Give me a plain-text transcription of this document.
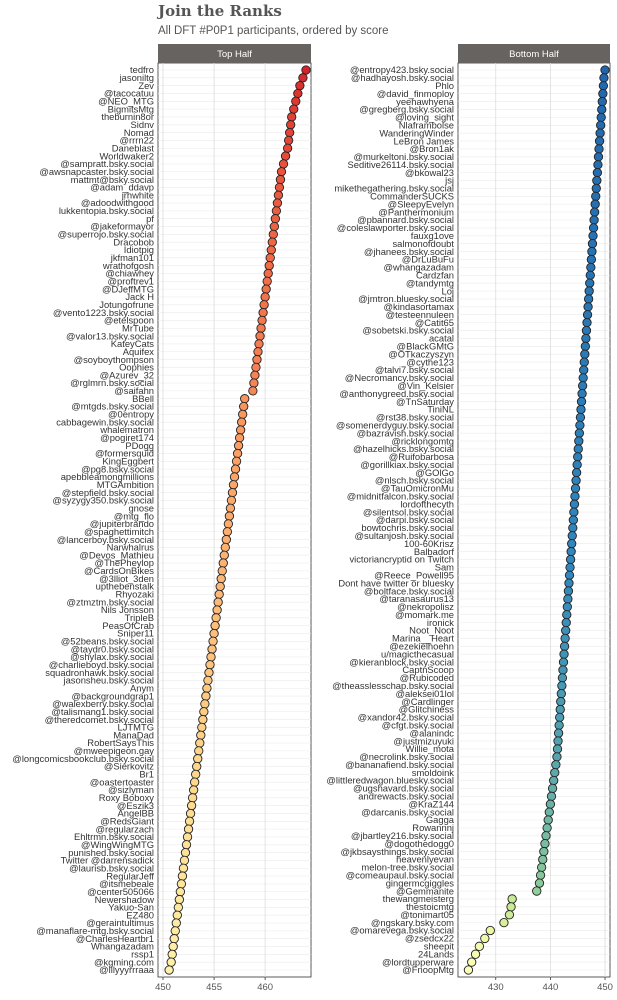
Join the Ranks
All DFT #P0P1 participants, ordered by score
450	455	460
Top Half
tedfro
jasoniltg
Zev
@tacocatuu
@NEO_MTG
BigmitsMtg
theburnin8or
Sidnv
Nomad
@rrrn22
Daneblast
Worldwaker2
@sampratt.bsky.social
@awsnapcaster.bsky.social
mattmt@bsky.social
@adam_ddavp
jrhwhite
@adoodwithgood
lukkentopia.bsky.social
pf
@jakeformayor
@superrojo.bsky.social
Dracobob
Idiotpig
jkfman101
wrathofgosh
@chiawhey
@proftrev1
@DJeffMTG
Jack H
Jotungofrune
@vento1223.bsky.social
@etelspoon
MrTube
@valor13.bsky.social
KateyCats
Aquifex
@soyboythompson
Oophies
@Azurev_32
@rglmrn.bsky.social
@saifahn
BBell
@mtgds.bsky.social
@0entropy
cabbagewin.bsky.social
whalematron
@pogiret174
PDogg
@formersquid
KingEggbert
@pg8.bsky.social
apebbleamongmillions
MTGAmbition
@stepfield.bsky.social
@syzygy350.bsky.social
gnose
@mtg_flo
@jupiterbrando
@spaghettimitch
@lancerboy.bsky.social
Narwhalrus
@Devos_Mathieu
@ThePheylop
@CardsOnBikes
@3lliot_3den
upthebenstalk
Rhyozaki
@ztmztm.bsky.social
Nils Jonsson
TripleB
PeasOfCrab
Sniper11
@52beans.bsky.social
@taydr0.bsky.social
@shylax.bsky.social
@charlieboyd.bsky.social
squadronhawk.bsky.social
jasonsheu.bsky.social
Anym
@backgroundgrap1
@walexberry.bsky.social
@talismang1.bsky.social
@theredcomet.bsky.social
LJTMTG
ManaDad
RobertSaysThis
@mweepigeon.gay
@longcomicsbookclub.bsky.social
@Sierkovitz
Br1
@oastertoaster
@sizlyman
Roxy Boboxy
@Eszik3
AngelBB
@RedsGiant
@regularzach
Ehltrmn.bsky.social
@WingWingMTG
punished.bsky.social
Twitter @darrensadick
@laurisb.bsky.social
RegularJeff
@itsmebeale
@center505066
Newershadow
Yakuo-San
EZ480
@geraintultimus
@manaflare-mtg.bsky.social
@CharlesHeartbr1
Whangazadam
rssp1
@kgming.com
@lllyyyrrraaa
430	440	450
Bottom Half
@entropy423.bsky.social
@hadhayosh.bsky.social
Phlo
@david_finmoploy
yeehawhyena
@gregberg.bsky.social
@loving_sight
Nlaframbolse
WanderingWinder
LeBron James
@Bron1ak
@murkeltoni.bsky.social
Seditive26114.bsky.social
@bkowal23
jsj
mikethegathering.bsky.social
CommanderSUCKS
@SleepyEvelyn
@Panthermonium
@pbannard.bsky.social
@coleslawporter.bsky.social
fauxg1ove
salmonofdoubt
@jhanees.bsky.social
@DrLuBuFu
@whangazadam
Cardzfan
@tandymtg
Loj
@jmtron.bluesky.social
@kindasortamax
@testeennuleen
@Catit65
@sobetski.bsky.social
acatal
@BlackGMtG
@OTkaczyszyn
@cythe123
@talvi7.bsky.social
@Necromancy.bsky.social
@Vin_Kelsier
@anthonygreed.bsky.social
@TnSaturday
TiniNL
@rst38.bsky.social
@somenerdyguy.bsky.social
@bazravish.bsky.social
@ricklongomtg
@hazelhicks.bsky.social
@Ruifobarbosa
@gorillkiax.bsky.social
@GOlGo
@nlsch.bsky.social
@TauOmicronMu
@midnitfalcon.bsky.social
lordofthecyth
@silentsol.bsky.social
@darpi.bsky.social
bowtochris.bsky.social
@sultanjosh.bsky.social
100-60Krisz
Balbadorf
victoriancryptid on Twitch
Sam
@Reece_Powell95
Dont have twitter or bluesky
@boltface.bsky.social
@taranasaurus13
@nekropolisz
@momark.me
ironick
Noot_Noot
Marina__Heart
@ezekielhoehn
u/magicthecasual
@kieranblock.bsky.social
CaptnScoop
@Rubicoded
@theasslesschap.bsky.social
@aleksei01lol
@Cardlinger
@Glitchiness
@xandor42.bsky.social
@cfgt.bsky.social
@alanindc
@justmizuyuki
Willie_mota
@necrolink.bsky.social
@bananafiend.bsky.social
smoldoink
@littleredwagon.bluesky.social
@ugshavard.bsky.social
andrewacts.bsky.social
@KraZ144
@darcanis.bsky.social
Gagga
Rowannnj
@jbartley216.bsky.social
@dogothedogg0
@jkbsaysthings.bsky.social
heavenlyevan
melon-tree.bsky.social
@comeaupaul.bsky.social
gingermcgiggles
@Gemmanite
thewangmeisterg
thestoicmtg
@tonimart05
@ngskary.bsky.com
@omarevega.bsky.social
@zsedcx22
sheepit
24Lands
@lordtupperware
@FnoopMtg
